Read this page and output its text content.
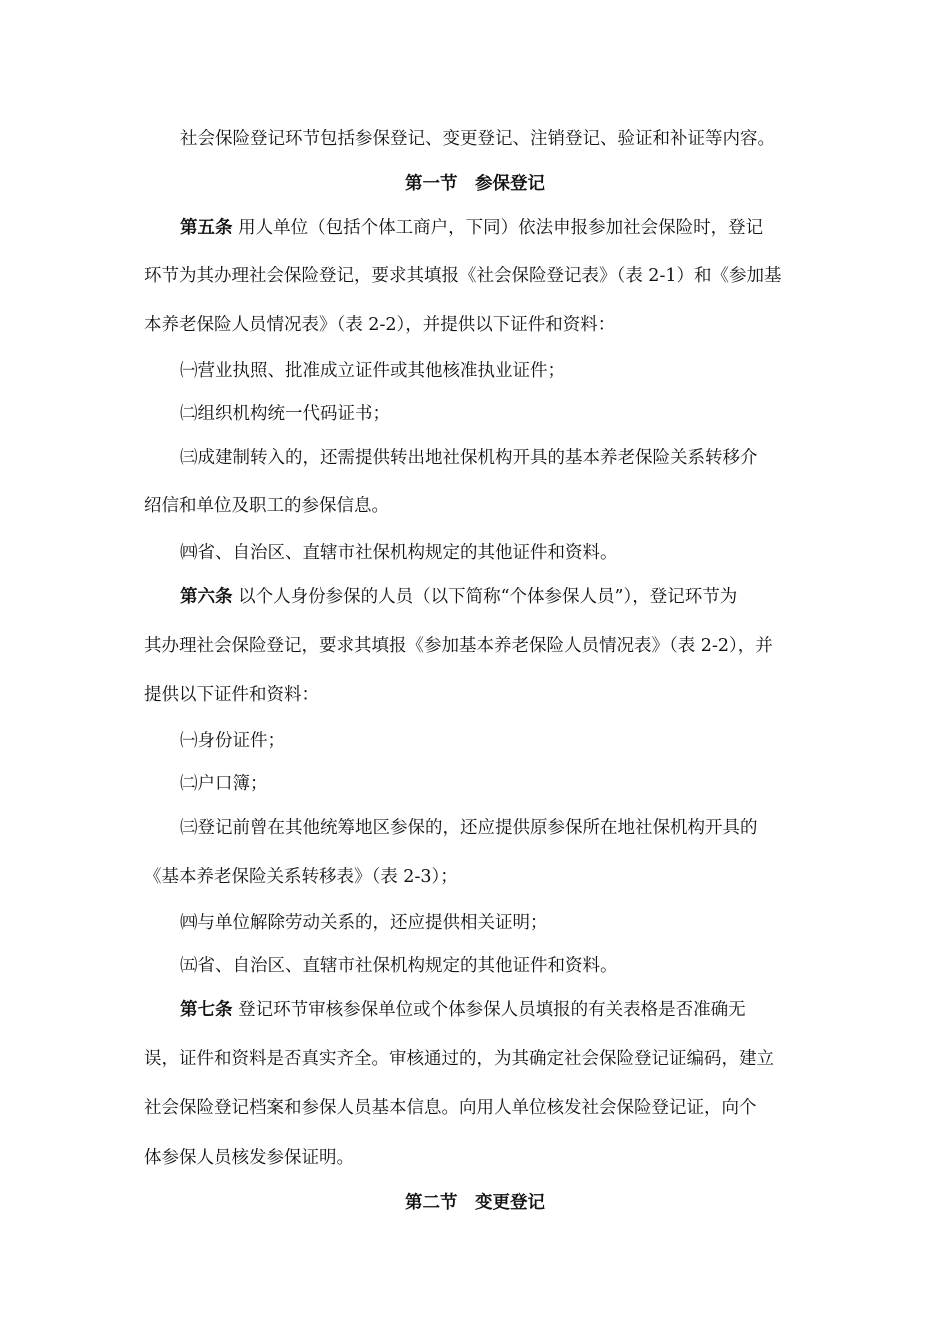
社会保险登记环节包括参保登记、变更登记、注销登记、验证和补证等内容。
第一节　参保登记
第五条 用人单位（包括个体工商户，下同）依法申报参加社会保险时，登记
环节为其办理社会保险登记，要求其填报《社会保险登记表》（表 2-1）和《参加基
本养老保险人员情况表》（表 2-2），并提供以下证件和资料：
㈠营业执照、批准成立证件或其他核准执业证件；
㈡组织机构统一代码证书；
㈢成建制转入的，还需提供转出地社保机构开具的基本养老保险关系转移介
绍信和单位及职工的参保信息。
㈣省、自治区、直辖市社保机构规定的其他证件和资料。
第六条 以个人身份参保的人员（以下简称“个体参保人员”），登记环节为
其办理社会保险登记，要求其填报《参加基本养老保险人员情况表》（表 2-2），并
提供以下证件和资料：
㈠身份证件；
㈡户口簿；
㈢登记前曾在其他统筹地区参保的，还应提供原参保所在地社保机构开具的
《基本养老保险关系转移表》（表 2-3）；
㈣与单位解除劳动关系的，还应提供相关证明；
㈤省、自治区、直辖市社保机构规定的其他证件和资料。
第七条 登记环节审核参保单位或个体参保人员填报的有关表格是否准确无
误，证件和资料是否真实齐全。审核通过的，为其确定社会保险登记证编码，建立
社会保险登记档案和参保人员基本信息。向用人单位核发社会保险登记证，向个
体参保人员核发参保证明。
第二节　变更登记
